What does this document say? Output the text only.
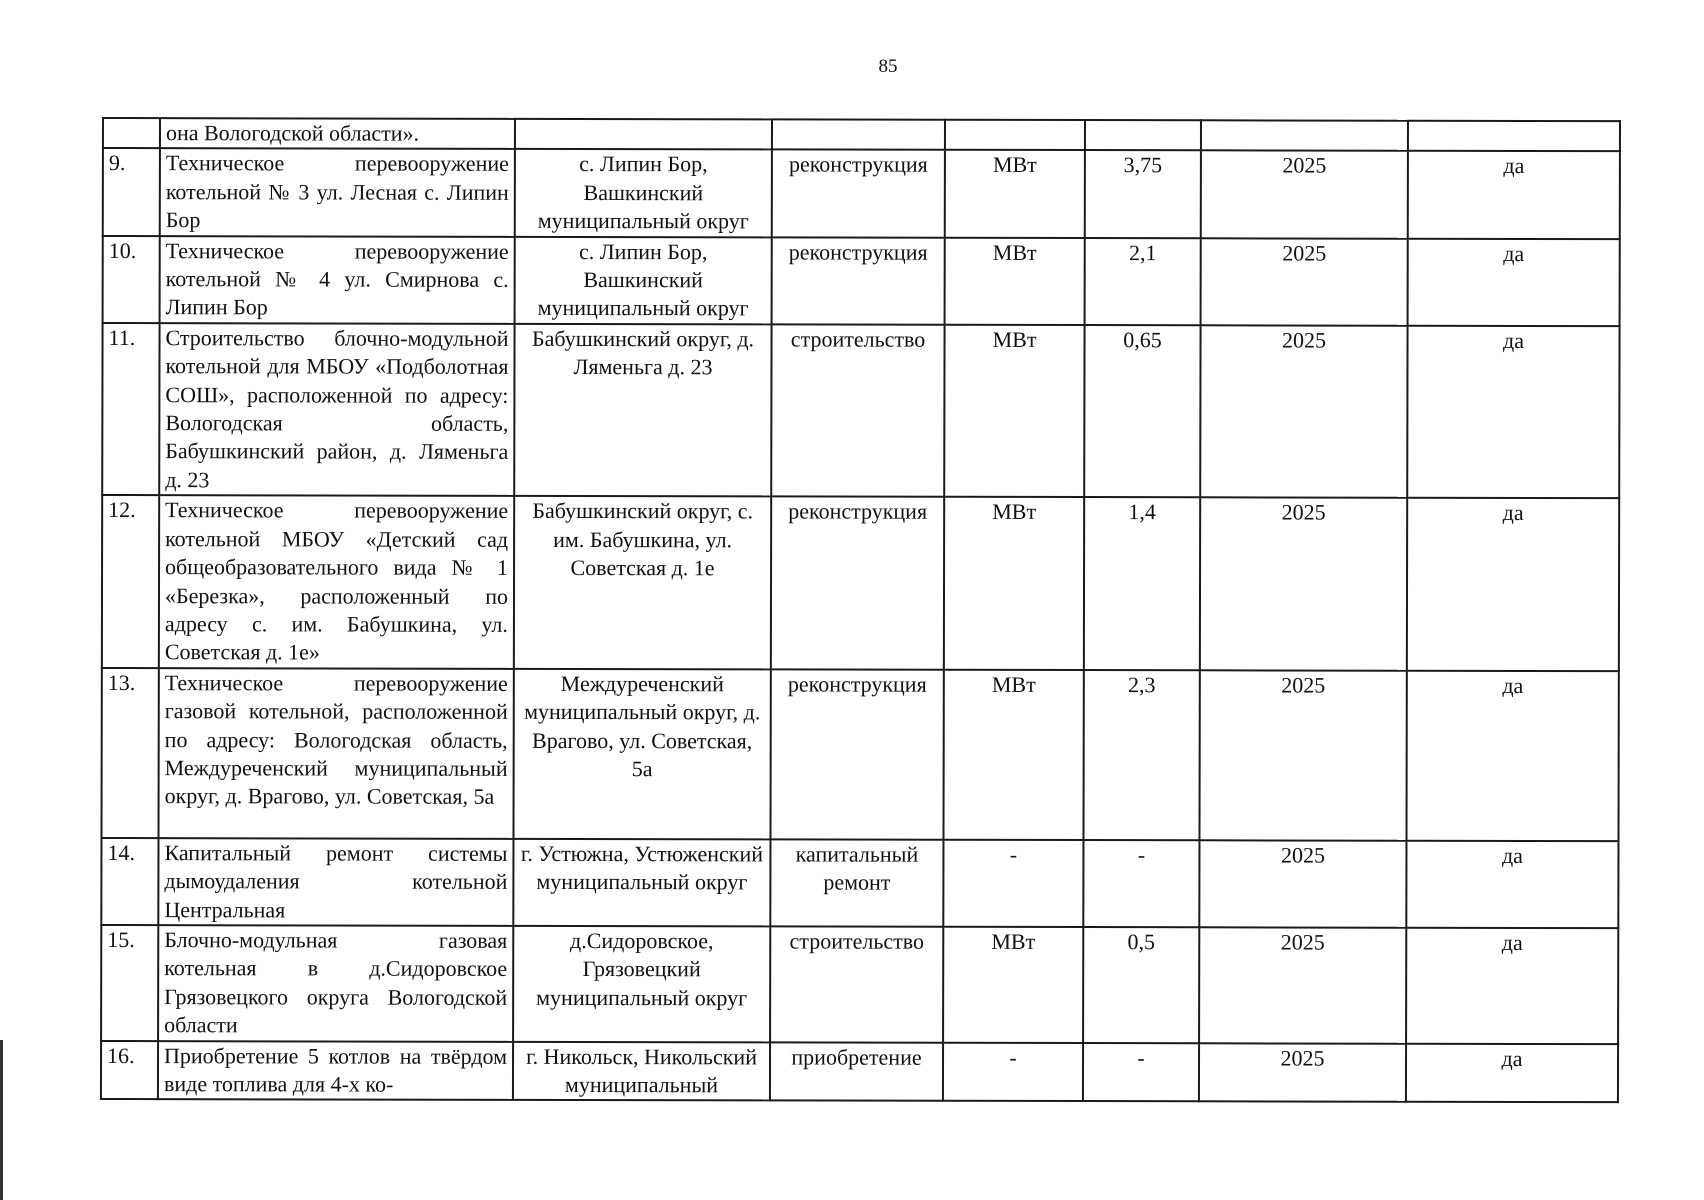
85
	она Вологодской области».						
9.	Техническое перевооружение котельной № 3 ул. Лесная с. Липин Бор	с. Липин Бор, Вашкинский муниципальный округ	реконструкция	МВт	3,75	2025	да
10.	Техническое перевооружение котельной № 4 ул. Смирнова с. Липин Бор	с. Липин Бор, Вашкинский муниципальный округ	реконструкция	МВт	2,1	2025	да
11.	Строительство блочно-модульной котельной для МБОУ «Подболотная СОШ», расположенной по адресу: Вологодская область, Бабушкинский район, д. Ляменьга д. 23	Бабушкинский округ, д. Ляменьга д. 23	строительство	МВт	0,65	2025	да
12.	Техническое перевооружение котельной МБОУ «Детский сад общеобразовательного вида № 1 «Березка», расположенный по адресу с. им. Бабушкина, ул. Советская д. 1е»	Бабушкинский округ, с. им. Бабушкина, ул. Советская д. 1е	реконструкция	МВт	1,4	2025	да
13.	Техническое перевооружение газовой котельной, расположенной по адресу: Вологодская область, Междуреченский муниципальный округ, д. Врагово, ул. Советская, 5а	Междуреченский муниципальный округ, д. Врагово, ул. Советская, 5а	реконструкция	МВт	2,3	2025	да
14.	Капитальный ремонт системы дымоудаления котельной Центральная	г. Устюжна, Устюженский муниципальный округ	капитальный ремонт	-	-	2025	да
15.	Блочно-модульная газовая котельная в д.Сидоровское Грязовецкого округа Вологодской области	д.Сидоровское, Грязовецкий муниципальный округ	строительство	МВт	0,5	2025	да
16.	Приобретение 5 котлов на твёрдом виде топлива для 4-х ко-	г. Никольск, Никольский муниципальный	приобретение	-	-	2025	да
